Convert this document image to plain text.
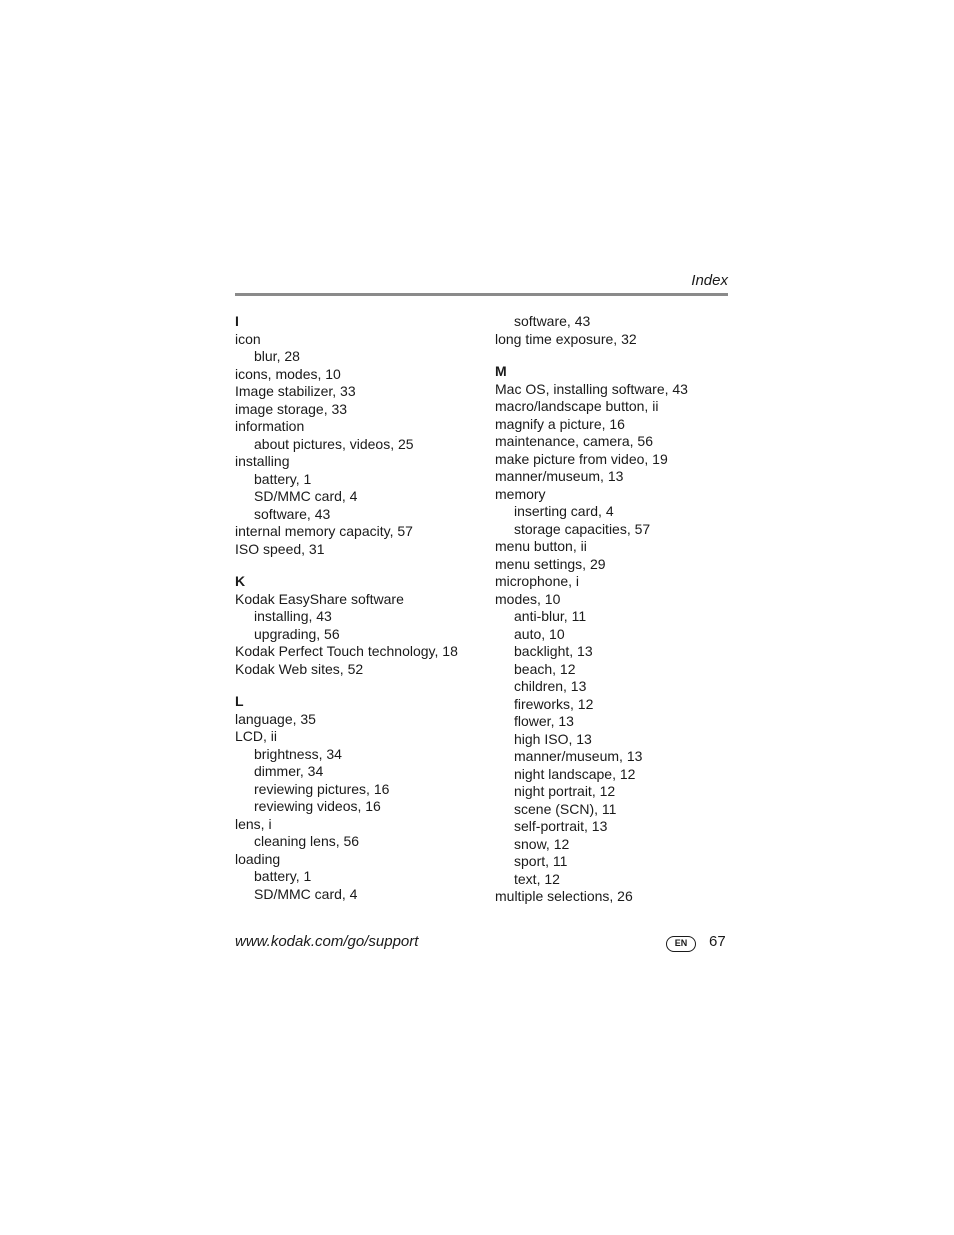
Index
I
icon
blur, 28
icons, modes, 10
Image stabilizer, 33
image storage, 33
information
about pictures, videos, 25
installing
battery, 1
SD/MMC card, 4
software, 43
internal memory capacity, 57
ISO speed, 31
K
Kodak EasyShare software
installing, 43
upgrading, 56
Kodak Perfect Touch technology, 18
Kodak Web sites, 52
L
language, 35
LCD, ii
brightness, 34
dimmer, 34
reviewing pictures, 16
reviewing videos, 16
lens, i
cleaning lens, 56
loading
battery, 1
SD/MMC card, 4
software, 43
long time exposure, 32
M
Mac OS, installing software, 43
macro/landscape button, ii
magnify a picture, 16
maintenance, camera, 56
make picture from video, 19
manner/museum, 13
memory
inserting card, 4
storage capacities, 57
menu button, ii
menu settings, 29
microphone, i
modes, 10
anti-blur, 11
auto, 10
backlight, 13
beach, 12
children, 13
fireworks, 12
flower, 13
high ISO, 13
manner/museum, 13
night landscape, 12
night portrait, 12
scene (SCN), 11
self-portrait, 13
snow, 12
sport, 11
text, 12
multiple selections, 26
www.kodak.com/go/support	EN	67
